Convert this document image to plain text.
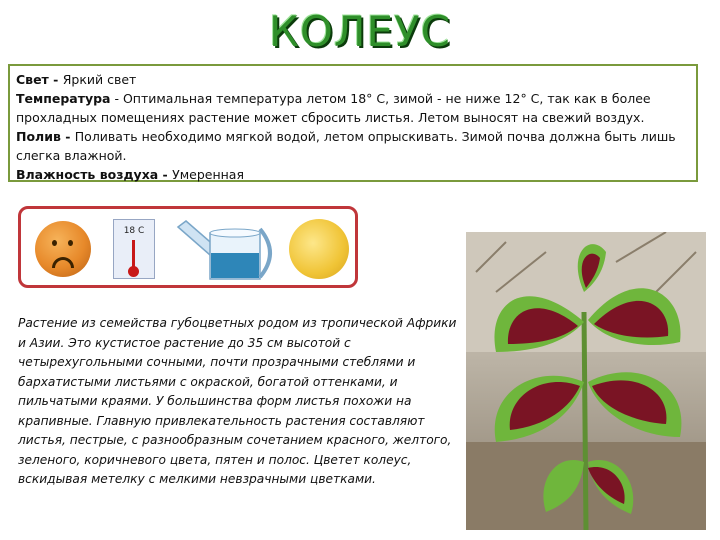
КОЛЕУС
Свет - Яркий свет
Температура - Оптимальная температура летом 18° С, зимой - не ниже 12° С, так как в более прохладных помещениях растение может сбросить листья. Летом выносят на свежий воздух.
Полив - Поливать необходимо мягкой водой, летом опрыскивать. Зимой почва должна быть лишь слегка влажной.
Влажность воздуха - Умеренная
18 С
Растение из семейства губоцветных родом из тропической Африки и Азии. Это кустистое растение до 35 см высотой с четырехугольными сочными, почти прозрачными стеблями и бархатистыми листьями с окраской, богатой оттенками, и пильчатыми краями. У большинства форм листья похожи на крапивные. Главную привлекательность растения составляют листья, пестрые, с разнообразным сочетанием красного, желтого, зеленого, коричневого цвета, пятен и полос. Цветет колеус, вскидывая метелку с мелкими невзрачными цветками.
